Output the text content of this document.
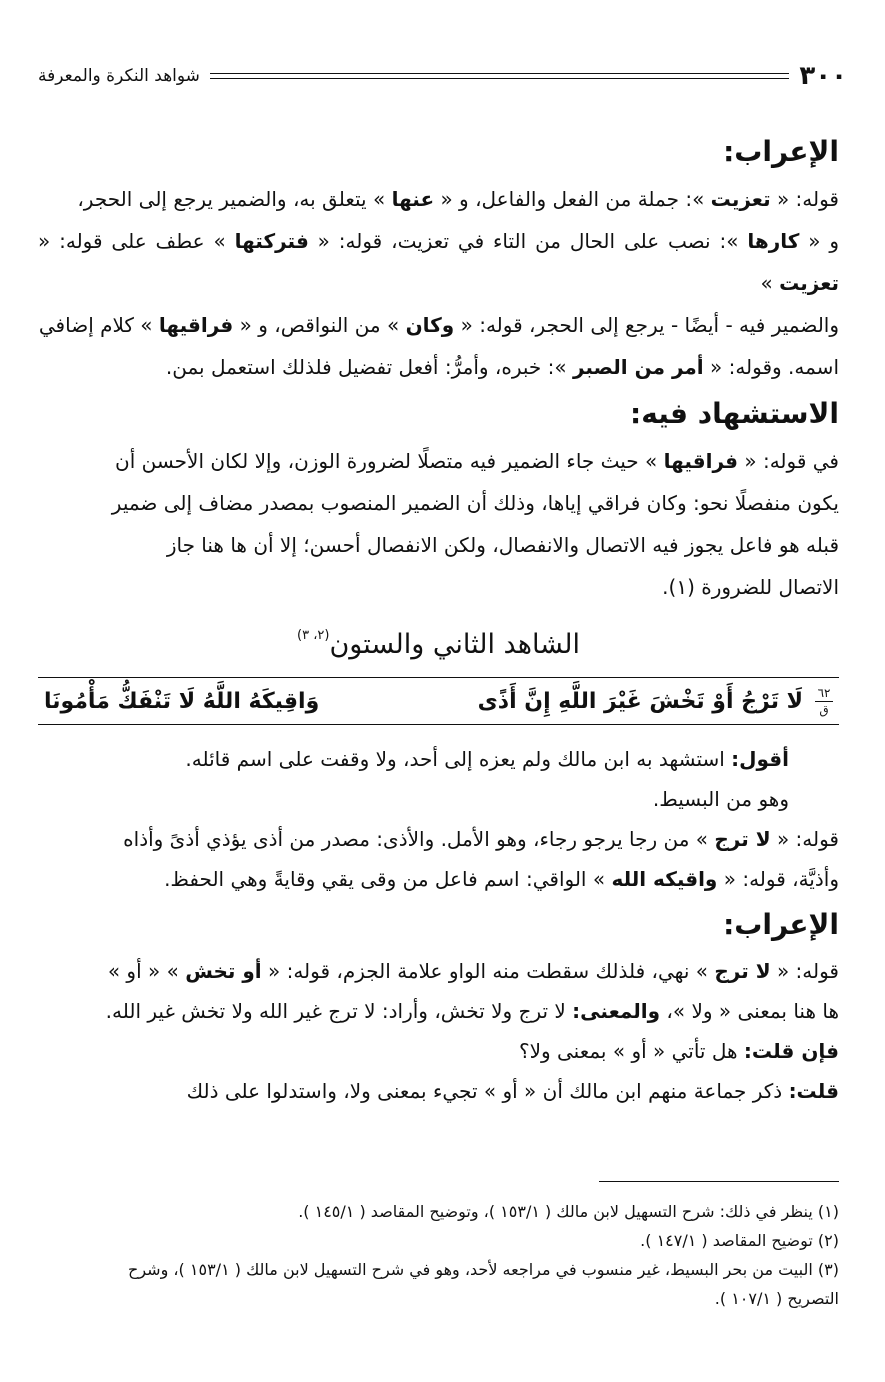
٣٠٠
شواهد النكرة والمعرفة
الإعراب:
قوله: « تعزيت »: جملة من الفعل والفاعل، و « عنها » يتعلق به، والضمير يرجع إلى الحجر،
و « كارها »: نصب على الحال من التاء في تعزيت، قوله: « فتركتها » عطف على قوله: « تعزيت »
والضمير فيه - أيضًا - يرجع إلى الحجر، قوله: « وكان » من النواقص، و « فراقيها » كلام إضافي
اسمه. وقوله: « أمر من الصبر »: خبره، وأمرُّ: أفعل تفضيل فلذلك استعمل بمن.
الاستشهاد فيه:
في قوله: « فراقيها » حيث جاء الضمير فيه متصلًا لضرورة الوزن، وإلا لكان الأحسن أن
يكون منفصلًا نحو: وكان فراقي إياها، وذلك أن الضمير المنصوب بمصدر مضاف إلى ضمير
قبله هو فاعل يجوز فيه الاتصال والانفصال، ولكن الانفصال أحسن؛ إلا أن ها هنا جاز
الاتصال للضرورة (١).
الشاهد الثاني والستون$^{(٢، ٣)}$
٦٢
ق
لَا تَرْجُ أَوْ تَخْشَ غَيْرَ اللَّهِ إِنَّ أَذًى
وَاقِيكَهُ اللَّهُ لَا تَنْفَكُّ مَأْمُونَا
أقول: استشهد به ابن مالك ولم يعزه إلى أحد، ولا وقفت على اسم قائله.
وهو من البسيط.
قوله: « لا ترج » من رجا يرجو رجاء، وهو الأمل. والأذى: مصدر من أذى يؤذي أذىً وأذاه
وأذيَّة، قوله: « واقيكه الله » الواقي: اسم فاعل من وقى يقي وقايةً وهي الحفظ.
الإعراب:
قوله: « لا ترج » نهي، فلذلك سقطت منه الواو علامة الجزم، قوله: « أو تخش » « أو »
ها هنا بمعنى « ولا »، والمعنى: لا ترج ولا تخش، وأراد: لا ترج غير الله ولا تخش غير الله.
فإن قلت: هل تأتي « أو » بمعنى ولا؟
قلت: ذكر جماعة منهم ابن مالك أن « أو » تجيء بمعنى ولا، واستدلوا على ذلك
(١) ينظر في ذلك: شرح التسهيل لابن مالك ( ١٥٣/١ )، وتوضيح المقاصد ( ١٤٥/١ ).
(٢) توضيح المقاصد ( ١٤٧/١ ).
(٣) البيت من بحر البسيط، غير منسوب في مراجعه لأحد، وهو في شرح التسهيل لابن مالك ( ١٥٣/١ )، وشرح
التصريح ( ١٠٧/١ ).
